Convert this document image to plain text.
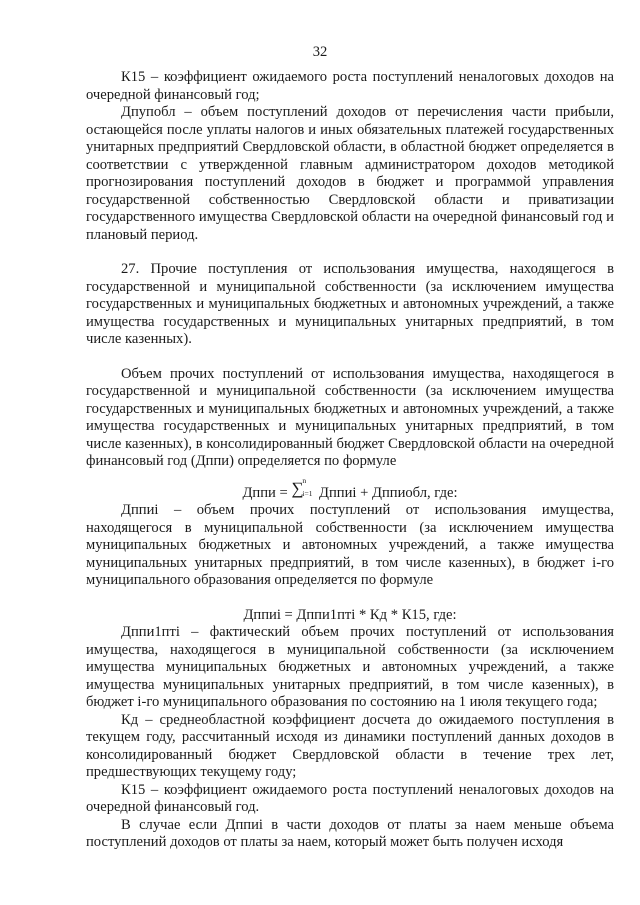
32

К15 – коэффициент ожидаемого роста поступлений неналоговых доходов на очередной финансовый год;

Дпупобл – объем поступлений доходов от перечисления части прибыли, остающейся после уплаты налогов и иных обязательных платежей государственных унитарных предприятий Свердловской области, в областной бюджет определяется в соответствии с утвержденной главным администратором доходов методикой прогнозирования поступлений доходов в бюджет и программой управления государственной собственностью Свердловской области и приватизации государственного имущества Свердловской области на очередной финансовый год и плановый период.

27. Прочие поступления от использования имущества, находящегося в государственной и муниципальной собственности (за исключением имущества государственных и муниципальных бюджетных и автономных учреждений, а также имущества государственных и муниципальных унитарных предприятий, в том числе казенных).

Объем прочих поступлений от использования имущества, находящегося в государственной и муниципальной собственности (за исключением имущества государственных и муниципальных бюджетных и автономных учреждений, а также имущества государственных и муниципальных унитарных предприятий, в том числе казенных), в консолидированный бюджет Свердловской области на очередной финансовый год (Дппи) определяется по формуле

Дппи = ∑
n
i=1 Дппиi + Дппиобл, где:

Дппиi – объем прочих поступлений от использования имущества, находящегося в муниципальной собственности (за исключением имущества муниципальных бюджетных и автономных учреждений, а также имущества муниципальных унитарных предприятий, в том числе казенных), в бюджет i-го муниципального образования определяется по формуле

Дппиi = Дппи1птi * Кд * К15, где:

Дппи1птi – фактический объем прочих поступлений от использования имущества, находящегося в муниципальной собственности (за исключением имущества муниципальных бюджетных и автономных учреждений, а также имущества муниципальных унитарных предприятий, в том числе казенных), в бюджет i-го муниципального образования по состоянию на 1 июля текущего года;

Кд – среднеобластной коэффициент досчета до ожидаемого поступления в текущем году, рассчитанный исходя из динамики поступлений данных доходов в консолидированный бюджет Свердловской области в течение трех лет, предшествующих текущему году;

К15 – коэффициент ожидаемого роста поступлений неналоговых доходов на очередной финансовый год.

В случае если Дппиi в части доходов от платы за наем меньше объема поступлений доходов от платы за наем, который может быть получен исходя
